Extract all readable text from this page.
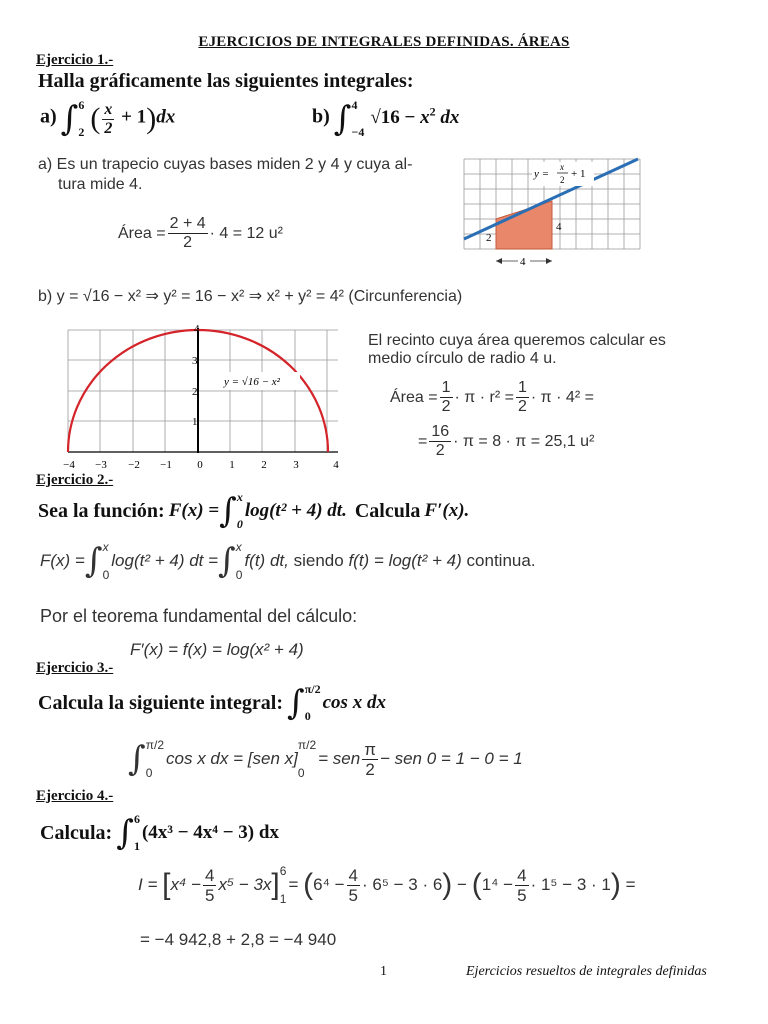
EJERCICIOS DE INTEGRALES DEFINIDAS. ÁREAS
Ejercicio 1.-
Halla gráficamente las siguientes integrales:
a) ∫ 6
2 ( $\frac{x}{2} + 1)dx$	b) ∫ 4
−4
$√16 - x^2$ dx
a) Es un trapecio cuyas bases miden 2 y 4 y cuya al-
tura mide 4.
Área = $\frac{2 + 4}{2} \cdot 4 = 12$ u²	2
4
y =
x
2 + 1
4
b) y = √16 − x² ⇒ y² = 16 − x² ⇒ x² + y² = 4² (Circunferencia)
y = √16 − x²
−4 −3 −2 −1 0 1 2 3	4
1
2
3
4
El recinto cuya área queremos calcular es
medio círculo de radio 4 u.
Área = $\frac{1}{2} \cdot \pi \cdot r^2 = \frac{1}{2} \cdot \pi \cdot 4^2$ =
= $\frac{16}{2} \cdot \pi = 8 \cdot \pi = 25,1$ u²
Ejercicio 2.-
Sea la función:
F(x) = ∫ x
0
log(t² + 4) dt.
Calcula
F′(x).
F(x) = ∫ x
0
log(t² + 4) dt = ∫ x
0
f(t) dt,
siendo
f(t) = log(t² + 4)
continua.
Por el teorema fundamental del cálculo:
F′(x) = f(x) = log(x² + 4)
Ejercicio 3.-
Calcula la siguiente integral:
∫ π/2
0
cos x dx
∫ π/2
0
cos x dx =
[sen x]
π/2
0
= sen $\frac{\pi}{2}$ − sen 0 = 1 − 0 = 1
Ejercicio 4.-
Calcula:
∫ 6
1
(4x³ − 4x⁴ − 3) dx
I =
[ $x^4 - \frac{4}{5} x^5 - 3x$ ] 6
1
=
( $6^4 - \frac{4}{5} \cdot 6^5 - 3 \cdot 6$ )
−
( $1^4 - \frac{4}{5} \cdot 1^5 - 3 \cdot 1$ )
=
= −4 942,8 + 2,8 = −4 940
1	Ejercicios resueltos de integrales definidas
